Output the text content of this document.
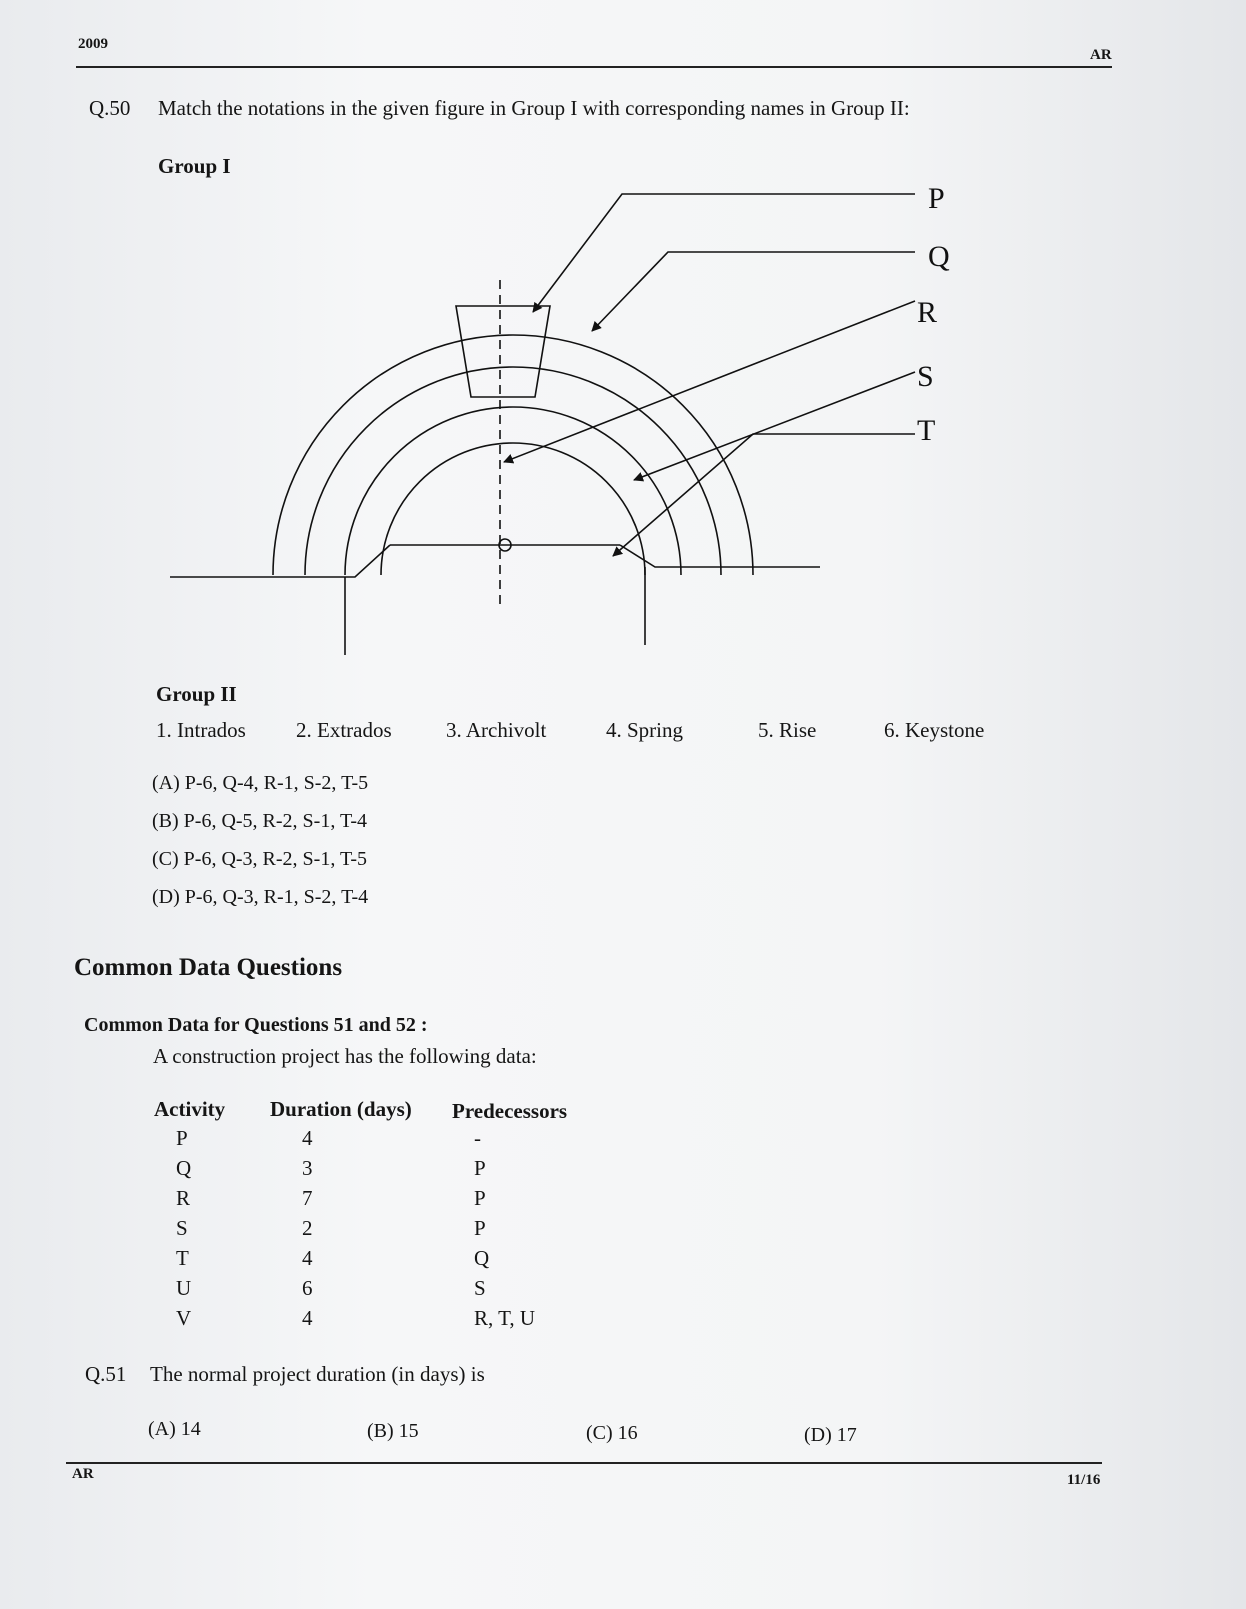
2009
AR
Q.50 Match the notations in the given figure in Group I with corresponding names in Group II:
Group I
P
Q
R
S
T
Group II
1. Intrados 2. Extrados	3. Archivolt	4. Spring	5. Rise	6. Keystone
(A) P-6, Q-4, R-1, S-2, T-5
(B) P-6, Q-5, R-2, S-1, T-4
(C) P-6, Q-3, R-2, S-1, T-5
(D) P-6, Q-3, R-1, S-2, T-4
Common Data Questions
Common Data for Questions 51 and 52 :
A construction project has the following data:
Activity Duration (days) Predecessors
P	4	-
Q	3	P
R	7	P
S	2	P
T	4	Q
U	6	S
V	4	R, T, U
Q.51 The normal project duration (in days) is
(A) 14	(B) 15	(C) 16	(D) 17
AR	11/16
